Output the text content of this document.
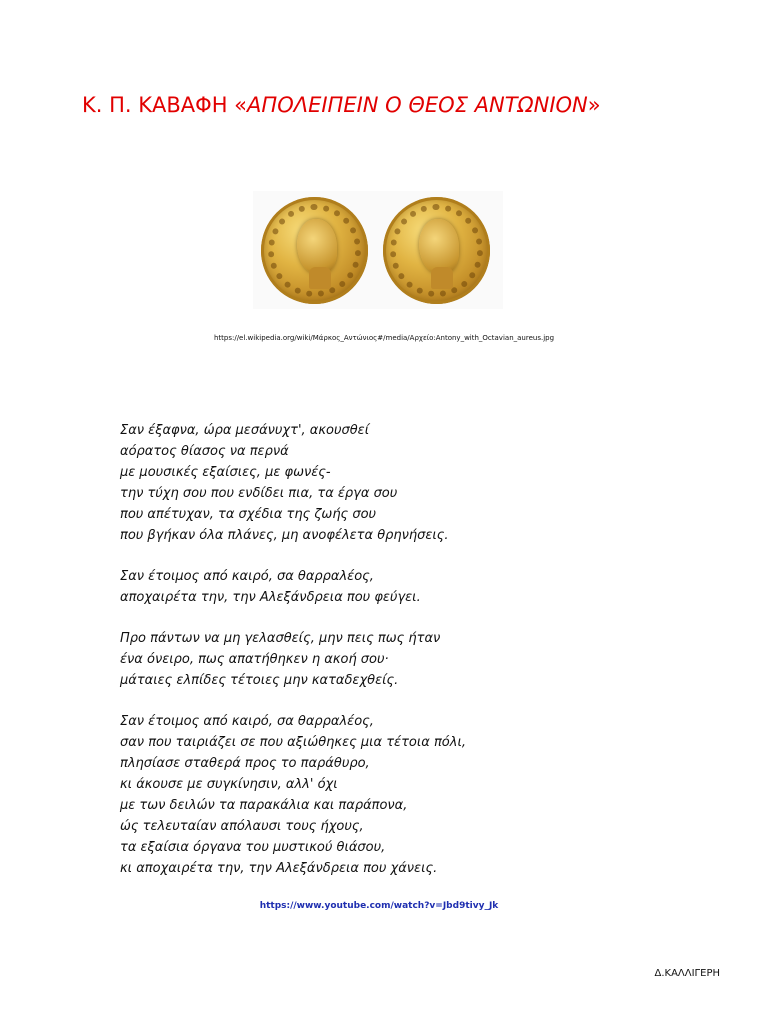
Κ. Π. ΚΑΒΑΦΗ «ΑΠΟΛΕΙΠΕΙΝ Ο ΘΕΟΣ ΑΝΤΩΝΙΟΝ»
https://el.wikipedia.org/wiki/Μάρκος_Αντώνιος#/media/Αρχείο:Antony_with_Octavian_aureus.jpg
Σαν έξαφνα, ώρα μεσάνυχτ', ακουσθεί
αόρατος θίασος να περνά
με μουσικές εξαίσιες, με φωνές-
την τύχη σου που ενδίδει πια, τα έργα σου
που απέτυχαν, τα σχέδια της ζωής σου
που βγήκαν όλα πλάνες, μη ανοφέλετα θρηνήσεις.
Σαν έτοιμος από καιρό, σα θαρραλέος,
αποχαιρέτα την, την Αλεξάνδρεια που φεύγει.
Προ πάντων να μη γελασθείς, μην πεις πως ήταν
ένα όνειρο, πως απατήθηκεν η ακοή σου·
μάταιες ελπίδες τέτοιες μην καταδεχθείς.
Σαν έτοιμος από καιρό, σα θαρραλέος,
σαν που ταιριάζει σε που αξιώθηκες μια τέτοια πόλι,
πλησίασε σταθερά προς το παράθυρο,
κι άκουσε με συγκίνησιν, αλλ' όχι
με των δειλών τα παρακάλια και παράπονα,
ώς τελευταίαν απόλαυσι τους ήχους,
τα εξαίσια όργανα του μυστικού θιάσου,
κι αποχαιρέτα την, την Αλεξάνδρεια που χάνεις.
https://www.youtube.com/watch?v=Jbd9tivy_Jk
Δ.ΚΑΛΛΙΓΕΡΗ
